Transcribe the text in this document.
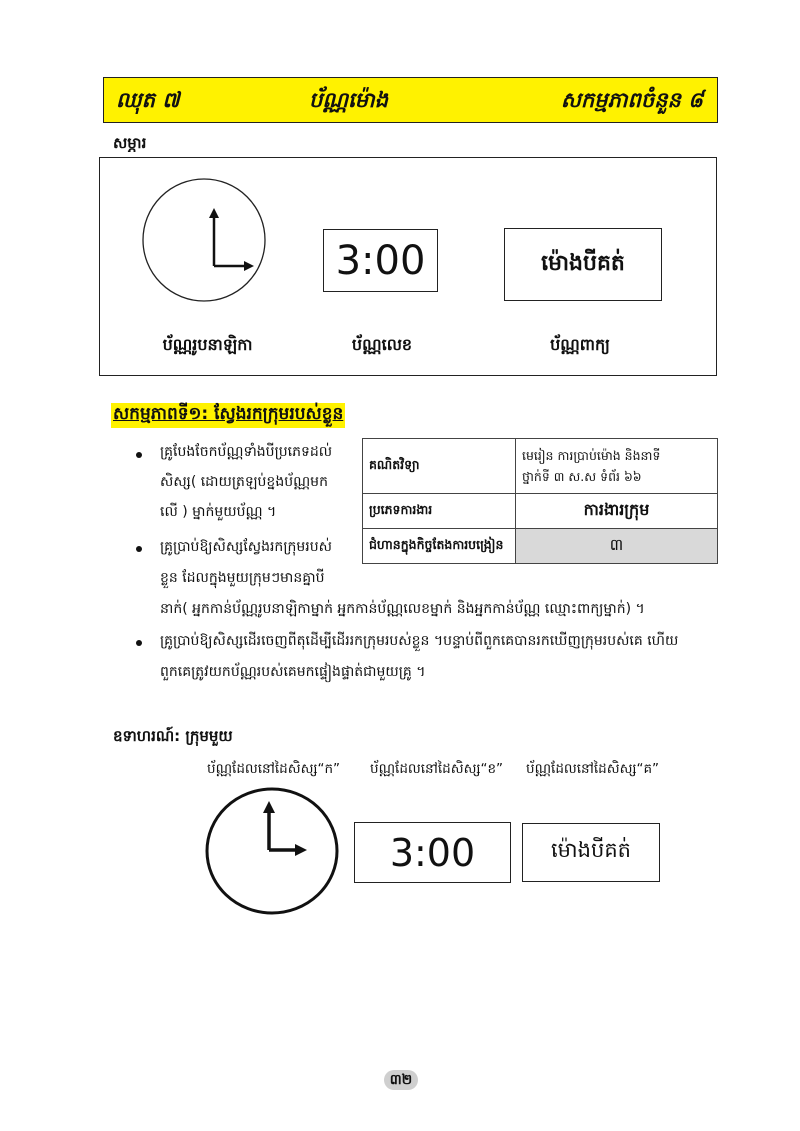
ឈុត ៧	ប័ណ្ណម៉ោង	សកម្មភាពចំនួន ៨
សម្ភារ
3:00	ម៉ោងបីគត់
ប័ណ្ណរូបនាឡិកា	ប័ណ្ណលេខ	ប័ណ្ណពាក្យ
សកម្មភាពទី១: ស្វែងរកក្រុមរបស់ខ្លួន
គ្រូបែងចែកប័ណ្ណទាំងបីប្រភេទដល់
សិស្ស( ដោយត្រឡប់ខ្នងប័ណ្ណមក
លើ ) ម្នាក់មួយប័ណ្ណ ។
គ្រូប្រាប់ឱ្យសិស្សស្វែងរកក្រុមរបស់
ខ្លួន ដែលក្នុងមួយក្រុមៗមានគ្នាបី
នាក់( អ្នកកាន់ប័ណ្ណរូបនាឡិកាម្នាក់ អ្នកកាន់ប័ណ្ណលេខម្នាក់ និងអ្នកកាន់ប័ណ្ណ ឈ្មោះពាក្យម្នាក់) ។
គ្រូប្រាប់ឱ្យសិស្សដើរចេញពីតុដើម្បីដើររកក្រុមរបស់ខ្លួន ។បន្ទាប់ពីពួកគេបានរកឃើញក្រុមរបស់គេ ហើយ
ពួកគេត្រូវយកប័ណ្ណរបស់គេមកផ្ទៀងផ្ទាត់ជាមួយគ្រូ ។
គណិតវិទ្យា	មេរៀន ការប្រាប់ម៉ោង និងនាទី
ថ្នាក់ទី ៣ ស.ស ទំព័រ ៦៦
ប្រភេទការងារ	ការងារក្រុម
ជំហានក្នុងកិច្ចតែងការបង្រៀន	៣
ឧទាហរណ៍: ក្រុមមួយ
ប័ណ្ណដែលនៅដៃសិស្ស“ក” ប័ណ្ណដែលនៅដៃសិស្ស“ខ” ប័ណ្ណដែលនៅដៃសិស្ស“គ”
3:00	ម៉ោងបីគត់
៣២
